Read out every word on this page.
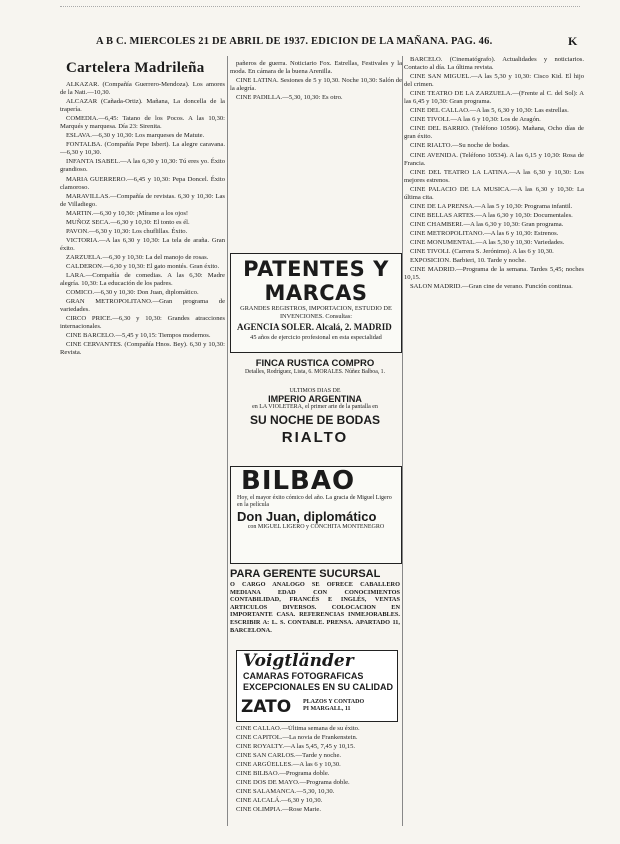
A B C. MIERCOLES 21 DE ABRIL DE 1937. EDICION DE LA MAÑANA. PAG. 46.	K
Cartelera Madrileña

ALKAZAR. (Compañía Guerrero-Mendoza). Los amores de la Nati.—10,30.

ALCAZAR (Cañada-Ortiz). Mañana, La doncella de la trapería.

COMEDIA.—6,45: Tatano de los Pocos. A las 10,30: Marqués y marquesa. Día 23: Sirenita.

ESLAVA.—6,30 y 10,30: Los marqueses de Matute.

FONTALBA. (Compañía Pepe Isbert). La alegre caravana.—6,30 y 10,30.

INFANTA ISABEL.—A las 6,30 y 10,30: Tú eres yo. Éxito grandioso.

MARIA GUERRERO.—6,45 y 10,30: Pepa Doncel. Éxito clamoroso.

MARAVILLAS.—Compañía de revistas. 6,30 y 10,30: Las de Villadiego.

MARTIN.—6,30 y 10,30: ¡Mírame a los ojos!

MUÑOZ SECA.—6,30 y 10,30: El tonto es él.

PAVON.—6,30 y 10,30: Los chuflillas. Éxito.

VICTORIA.—A las 6,30 y 10,30: La tela de araña. Gran éxito.

ZARZUELA.—6,30 y 10,30: La del manojo de rosas.

CALDERON.—6,30 y 10,30: El gato montés. Gran éxito.

LARA.—Compañía de comedias. A las 6,30: Madre alegría. 10,30: La educación de los padres.

COMICO.—6,30 y 10,30: Don Juan, diplomático.

GRAN METROPOLITANO.—Gran programa de variedades.

CIRCO PRICE.—6,30 y 10,30: Grandes atracciones internacionales.

CINE BARCELO.—5,45 y 10,15: Tiempos modernos.

CINE CERVANTES. (Compañía Hnos. Bey). 6,30 y 10,30: Revista.

pañeros de guerra. Noticiario Fox. Estrellas, Festivales y la moda. En cámara de la buena Arenilla.

CINE LATINA. Sesiones de 5 y 10,30. Noche 10,30: Salón de la alegría.

CINE PADILLA.—5,30, 10,30: Es otro.

PATENTES Y MARCAS
GRANDES REGISTROS, IMPORTACION, ESTUDIO DE INVENCIONES. Consultas:
AGENCIA SOLER. Alcalá, 2. MADRID
45 años de ejercicio profesional en esta especialidad
FINCA RUSTICA COMPRO
Detalles, Rodríguez, Lista, 6. MORALES. Núñez Balboa, 1.
ULTIMOS DIAS DE
IMPERIO ARGENTINA
en LA VIOLETERA, el primer arte de la pantalla en
SU NOCHE DE BODAS
RIALTO
BILBAO
Hoy, el mayor éxito cómico del año. La gracia de Miguel Ligero en la película
Don Juan, diplomático
con MIGUEL LIGERO y CONCHITA MONTENEGRO
PARA GERENTE SUCURSAL
O CARGO ANALOGO SE OFRECE CABALLERO MEDIANA EDAD CON CONOCIMIENTOS CONTABILIDAD, FRANCÉS E INGLÉS, VENTAS ARTICULOS DIVERSOS. COLOCACION EN IMPORTANTE CASA. REFERENCIAS INMEJORABLES. ESCRIBIR A: L. S. CONTABLE. PRENSA. APARTADO 11, BARCELONA.
Voigtländer
CAMARAS FOTOGRAFICAS
EXCEPCIONALES EN SU CALIDAD
ZATO PLAZOS Y CONTADO
PI MARGALL, 11

CINE CALLAO.—Última semana de su éxito.

CINE CAPITOL.—La novia de Frankenstein.

CINE ROYALTY.—A las 5,45, 7,45 y 10,15.

CINE SAN CARLOS.—Tarde y noche.

CINE ARGÜELLES.—A las 6 y 10,30.

CINE BILBAO.—Programa doble.

CINE DOS DE MAYO.—Programa doble.

CINE SALAMANCA.—5,30, 10,30.

CINE ALCALÁ.—6,30 y 10,30.

CINE OLIMPIA.—Rose Marie.

BARCELO. (Cinematógrafo). Actualidades y noticiarios. Contacto al día. La última revista.

CINE SAN MIGUEL.—A las 5,30 y 10,30: Cisco Kid. El hijo del crimen.

CINE TEATRO DE LA ZARZUELA.—(Frente al C. del Sol): A las 6,45 y 10,30: Gran programa.

CINE DEL CALLAO.—A las 5, 6,30 y 10,30: Las estrellas.

CINE TIVOLI.—A las 6 y 10,30: Los de Aragón.

CINE DEL BARRIO. (Teléfono 10596). Mañana, Ocho días de gran éxito.

CINE RIALTO.—Su noche de bodas.

CINE AVENIDA. (Teléfono 10534). A las 6,15 y 10,30: Rosa de Francia.

CINE DEL TEATRO LA LATINA.—A las 6,30 y 10,30: Los mejores estrenos.

CINE PALACIO DE LA MUSICA.—A las 6,30 y 10,30: La última cita.

CINE DE LA PRENSA.—A las 5 y 10,30: Programa infantil.

CINE BELLAS ARTES.—A las 6,30 y 10,30: Documentales.

CINE CHAMBERI.—A las 6,30 y 10,30: Gran programa.

CINE METROPOLITANO.—A las 6 y 10,30: Estrenos.

CINE MONUMENTAL.—A las 5,30 y 10,30: Variedades.

CINE TIVOLI. (Carrera S. Jerónimo). A las 6 y 10,30.

EXPOSICION. Barbieri, 10. Tarde y noche.

CINE MADRID.—Programa de la semana. Tardes 5,45; noches 10,15.

SALON MADRID.—Gran cine de verano. Función continua.
